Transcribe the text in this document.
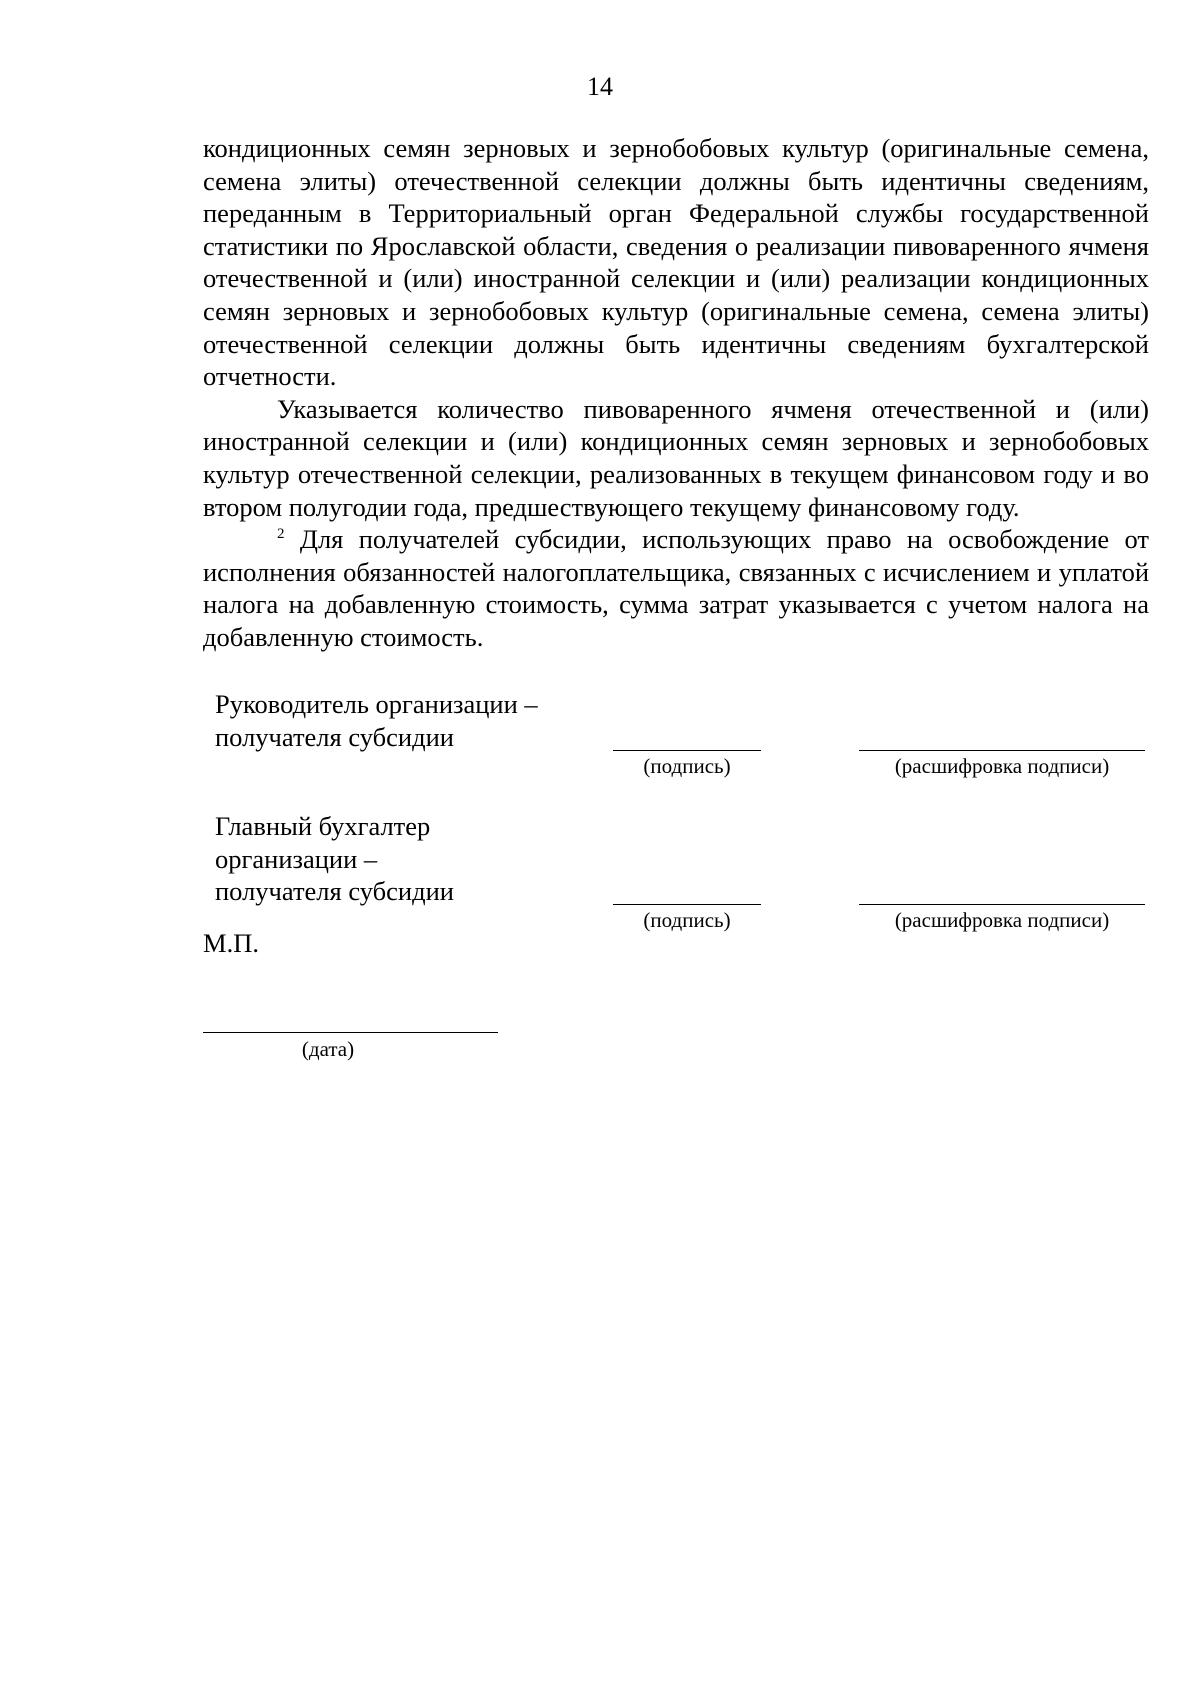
14

кондиционных семян зерновых и зернобобовых культур (оригинальные семена, семена элиты) отечественной селекции должны быть идентичны сведениям, переданным в Территориальный орган Федеральной службы государственной статистики по Ярославской области, сведения о реализации пивоваренного ячменя отечественной и (или) иностранной селекции и (или) реализации кондиционных семян зерновых и зернобобовых культур (оригинальные семена, семена элиты) отечественной селекции должны быть идентичны сведениям бухгалтерской отчетности.

Указывается количество пивоваренного ячменя отечественной и (или) иностранной селекции и (или) кондиционных семян зерновых и зернобобовых культур отечественной селекции, реализованных в текущем финансовом году и во втором полугодии года, предшествующего текущему финансовому году.

$^2$ Для получателей субсидии, использующих право на освобождение от исполнения обязанностей налогоплательщика, связанных с исчислением и уплатой налога на добавленную стоимость, сумма затрат указывается с учетом налога на добавленную стоимость.

Руководитель организации –
получателя субсидии
(подпись)	(расшифровка подписи)
Главный бухгалтер
организации –
получателя субсидии
(подпись)	(расшифровка подписи)
М.П.
(дата)
